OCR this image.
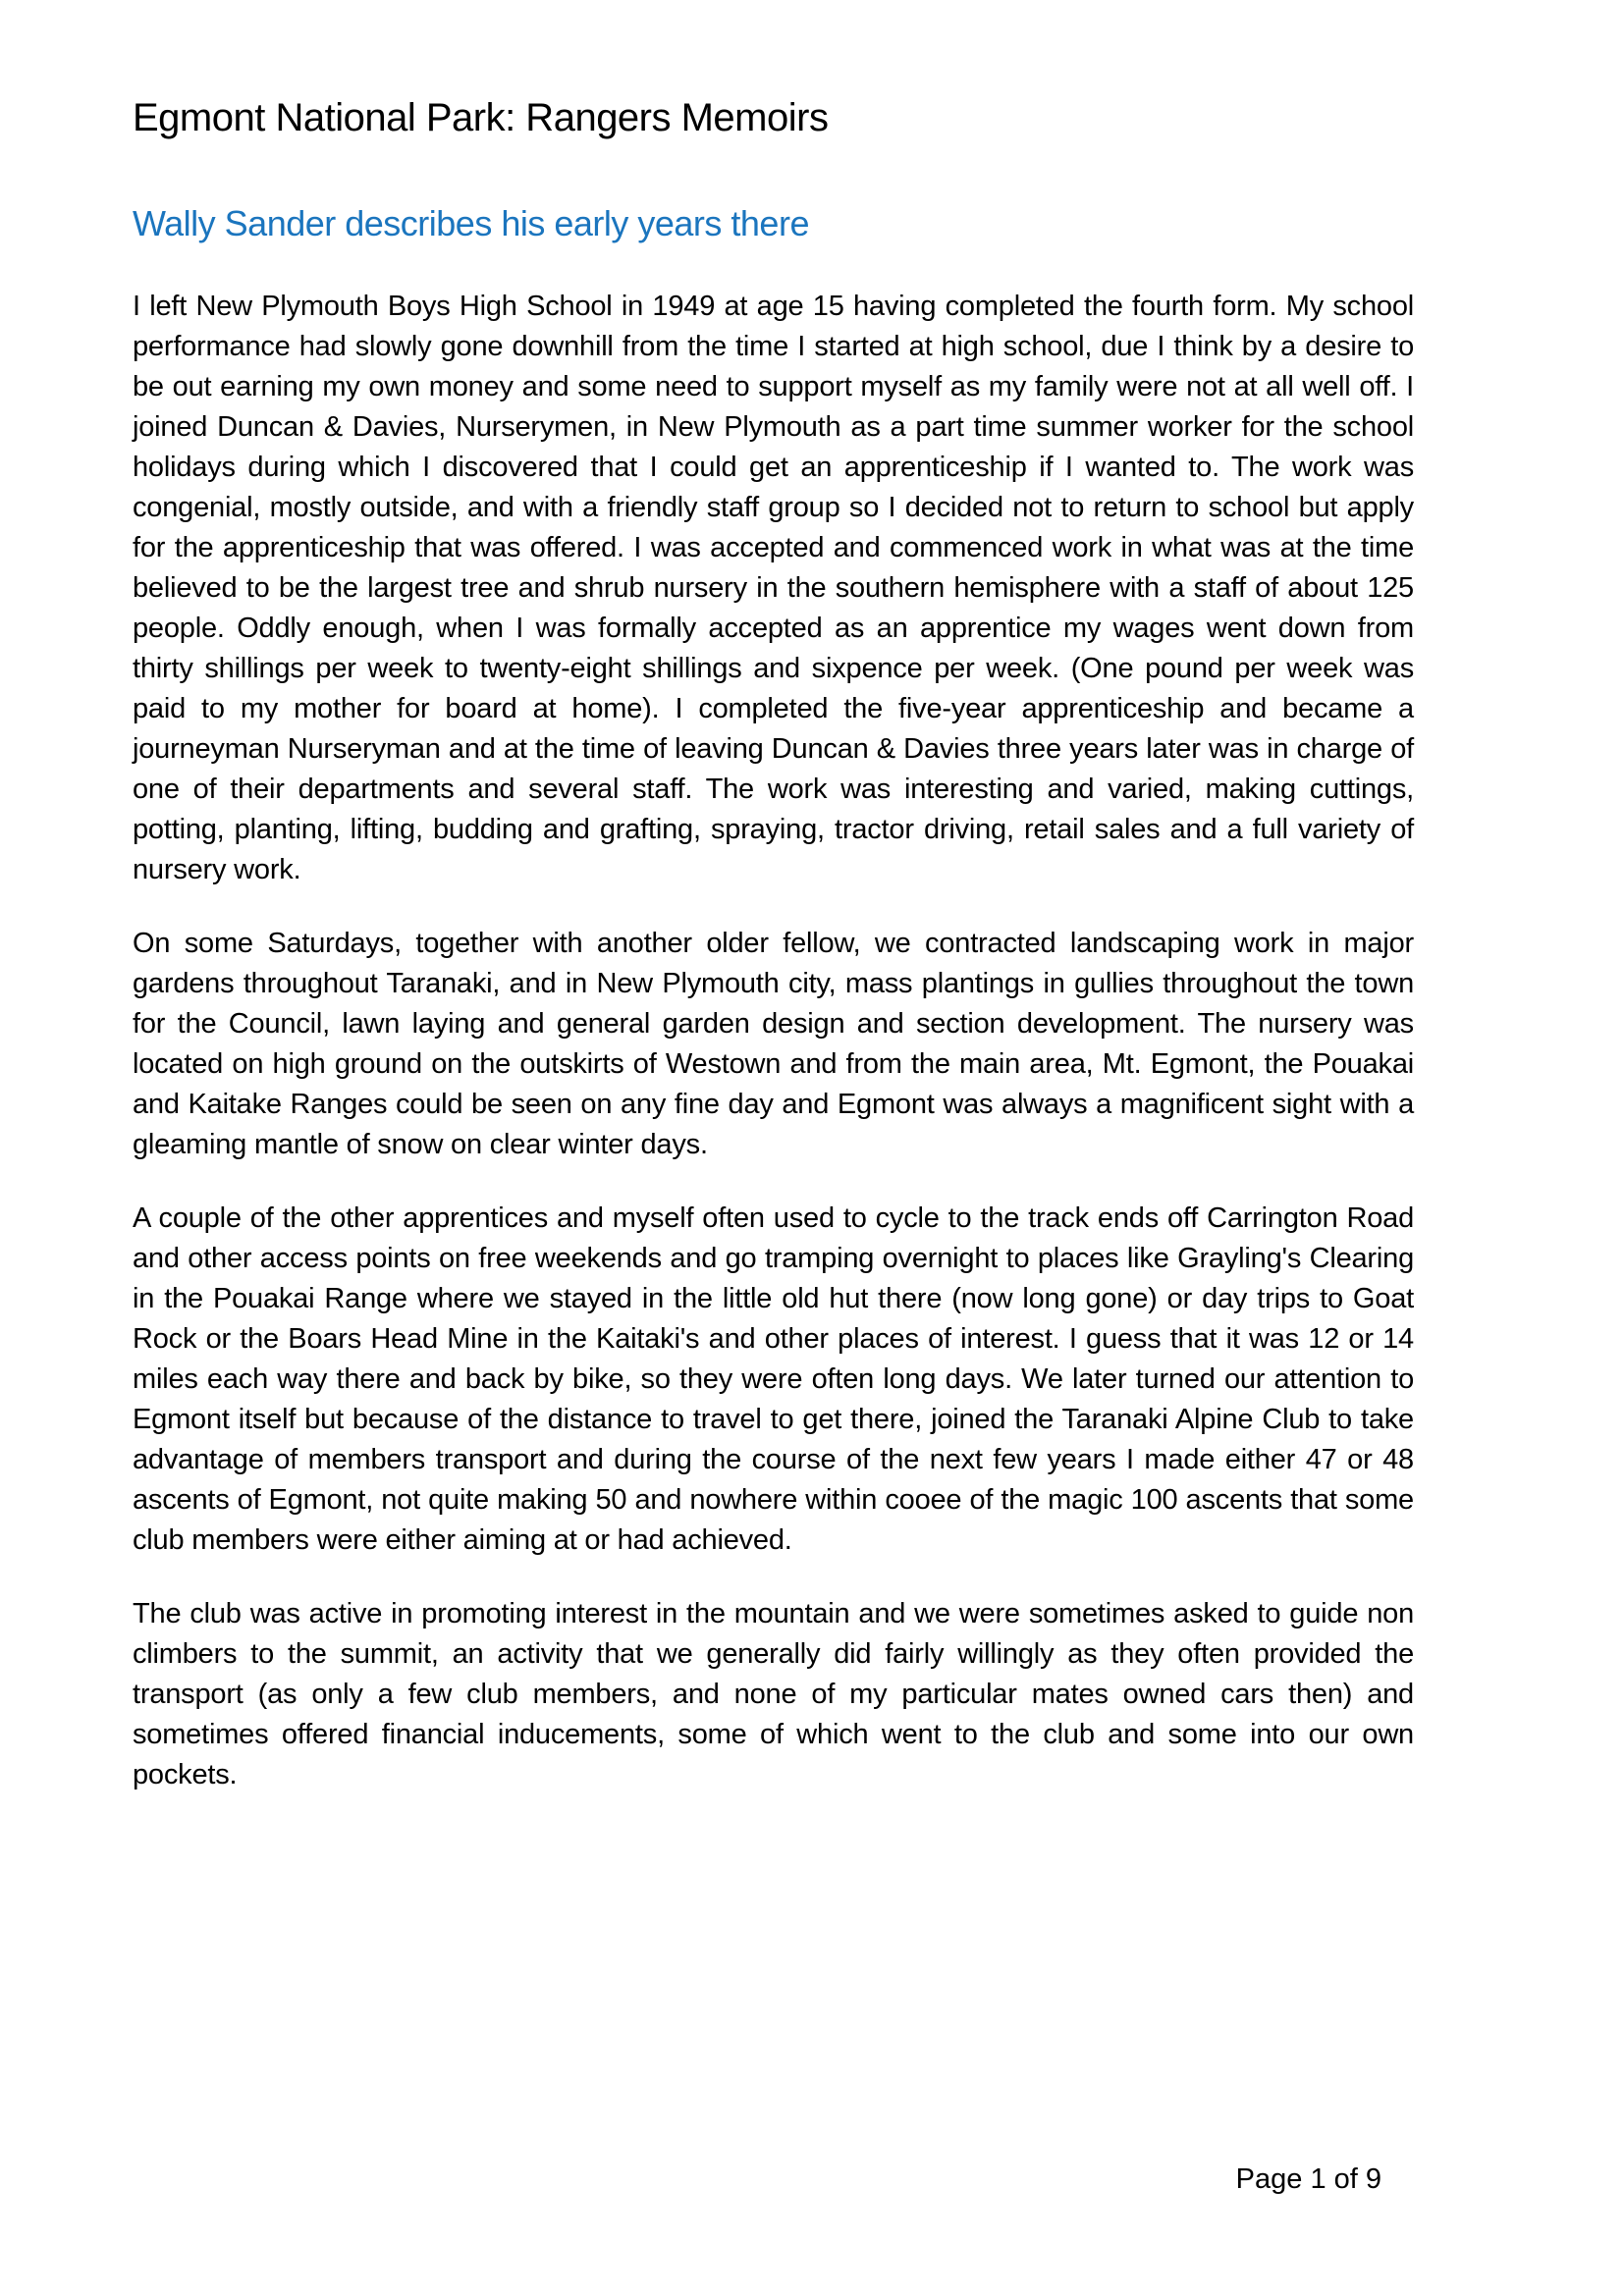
Egmont National Park: Rangers Memoirs
Wally Sander describes his early years there

I left New Plymouth Boys High School in 1949 at age 15 having completed the fourth form. My school performance had slowly gone downhill from the time I started at high school, due I think by a desire to be out earning my own money and some need to support myself as my family were not at all well off. I joined Duncan & Davies, Nurserymen, in New Plymouth as a part time summer worker for the school holidays during which I discovered that I could get an apprenticeship if I wanted to. The work was congenial, mostly outside, and with a friendly staff group so I decided not to return to school but apply for the apprenticeship that was offered. I was accepted and commenced work in what was at the time believed to be the largest tree and shrub nursery in the southern hemisphere with a staff of about 125 people. Oddly enough, when I was formally accepted as an apprentice my wages went down from thirty shillings per week to twenty-eight shillings and sixpence per week. (One pound per week was paid to my mother for board at home). I completed the five-year apprenticeship and became a journeyman Nurseryman and at the time of leaving Duncan & Davies three years later was in charge of one of their departments and several staff. The work was interesting and varied, making cuttings, potting, planting, lifting, budding and grafting, spraying, tractor driving, retail sales and a full variety of nursery work.

On some Saturdays, together with another older fellow, we contracted landscaping work in major gardens throughout Taranaki, and in New Plymouth city, mass plantings in gullies throughout the town for the Council, lawn laying and general garden design and section development. The nursery was located on high ground on the outskirts of Westown and from the main area, Mt. Egmont, the Pouakai and Kaitake Ranges could be seen on any fine day and Egmont was always a magnificent sight with a gleaming mantle of snow on clear winter days.

A couple of the other apprentices and myself often used to cycle to the track ends off Carrington Road and other access points on free weekends and go tramping overnight to places like Grayling's Clearing in the Pouakai Range where we stayed in the little old hut there (now long gone) or day trips to Goat Rock or the Boars Head Mine in the Kaitaki's and other places of interest. I guess that it was 12 or 14 miles each way there and back by bike, so they were often long days. We later turned our attention to Egmont itself but because of the distance to travel to get there, joined the Taranaki Alpine Club to take advantage of members transport and during the course of the next few years I made either 47 or 48 ascents of Egmont, not quite making 50 and nowhere within cooee of the magic 100 ascents that some club members were either aiming at or had achieved.

The club was active in promoting interest in the mountain and we were sometimes asked to guide non climbers to the summit, an activity that we generally did fairly willingly as they often provided the transport (as only a few club members, and none of my particular mates owned cars then) and sometimes offered financial inducements, some of which went to the club and some into our own pockets.

Page 1 of 9
